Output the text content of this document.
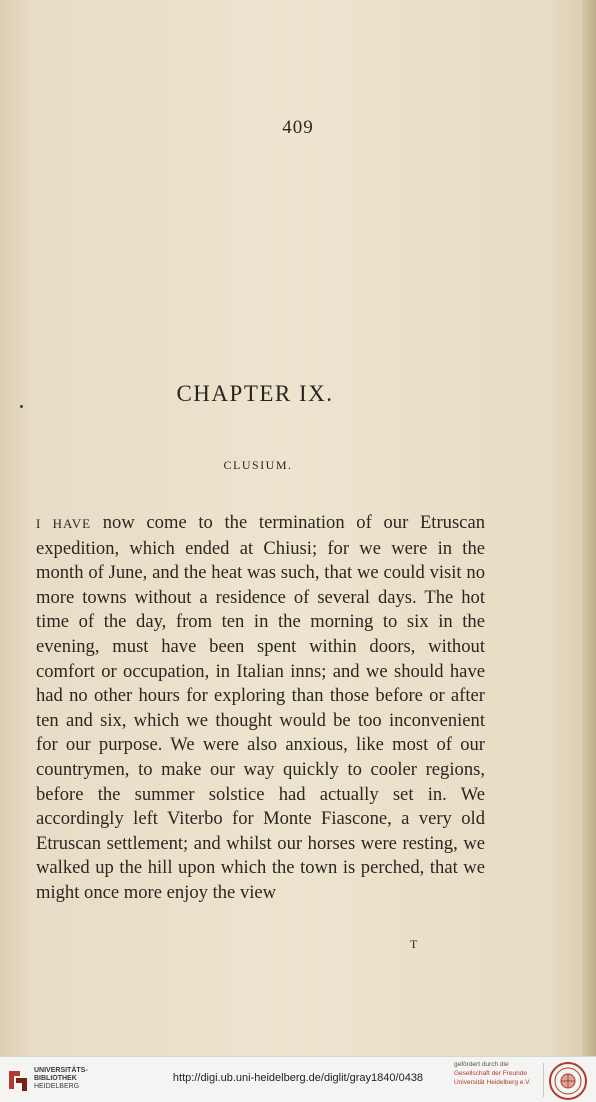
409
CHAPTER IX.
CLUSIUM.
I HAVE now come to the termination of our Etruscan expedition, which ended at Chiusi; for we were in the month of June, and the heat was such, that we could visit no more towns without a residence of several days. The hot time of the day, from ten in the morning to six in the evening, must have been spent within doors, without comfort or occupation, in Italian inns; and we should have had no other hours for exploring than those before or after ten and six, which we thought would be too inconvenient for our purpose. We were also anxious, like most of our countrymen, to make our way quickly to cooler regions, before the summer solstice had actually set in. We accordingly left Viterbo for Monte Fiascone, a very old Etruscan settlement; and whilst our horses were resting, we walked up the hill upon which the town is perched, that we might once more enjoy the view
T
UNIVERSITÄTS-
BIBLIOTHEK
HEIDELBERG
http://digi.ub.uni-heidelberg.de/diglit/gray1840/0438
gefördert durch die
Gesellschaft der Freunde
Universität Heidelberg e.V.
